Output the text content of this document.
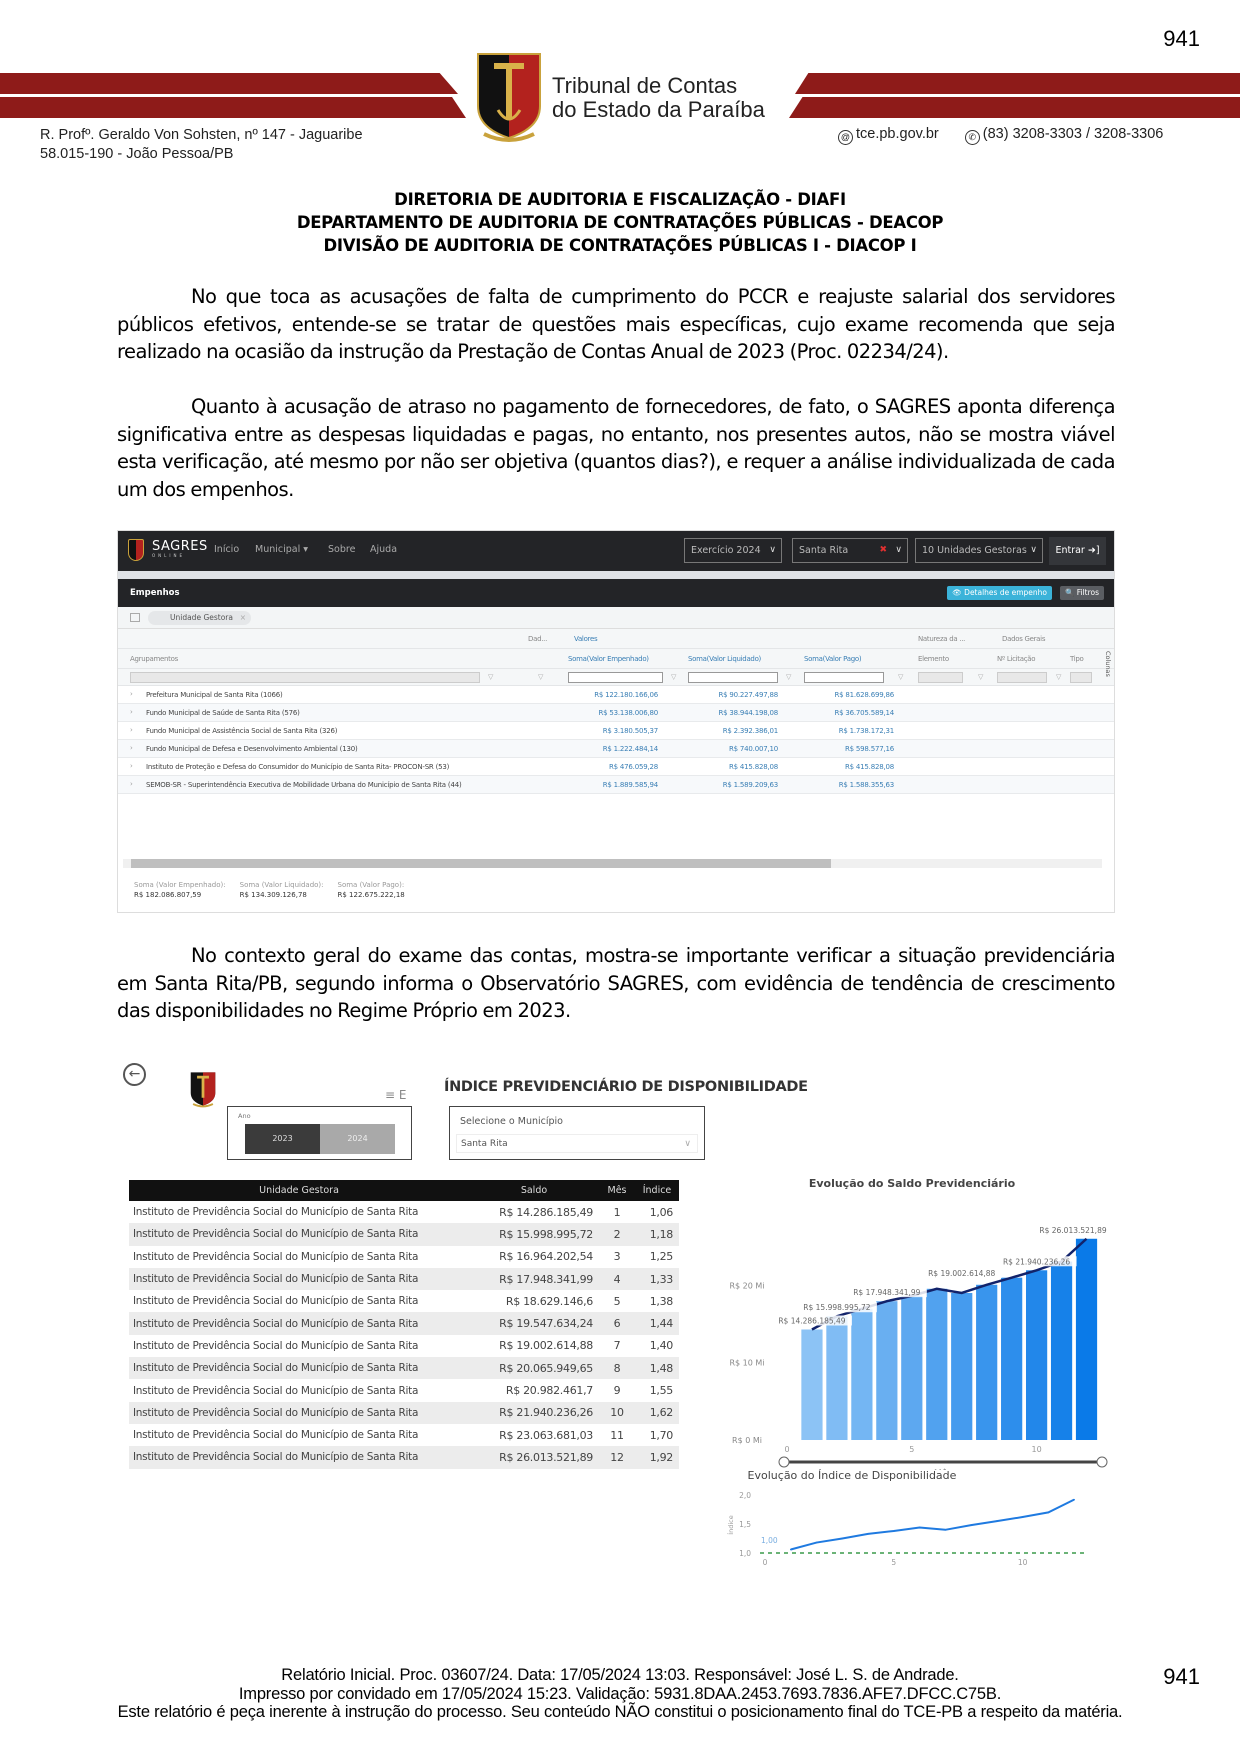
941
Tribunal de Contas
do Estado da Paraíba
R. Profº. Geraldo Von Sohsten, nº 147 - Jaguaribe
58.015-190 - João Pessoa/PB
@ tce.pb.gov.br	✆ (83) 3208-3303 / 3208-3306
DIRETORIA DE AUDITORIA E FISCALIZAÇÃO - DIAFI
DEPARTAMENTO DE AUDITORIA DE CONTRATAÇÕES PÚBLICAS - DEACOP
DIVISÃO DE AUDITORIA DE CONTRATAÇÕES PÚBLICAS I - DIACOP I

No que toca as acusações de falta de cumprimento do PCCR e reajuste salarial dos servidores públicos efetivos, entende-se se tratar de questões mais específicas, cujo exame recomenda que seja realizado na ocasião da instrução da Prestação de Contas Anual de 2023 (Proc. 02234/24).

Quanto à acusação de atraso no pagamento de fornecedores, de fato, o SAGRES aponta diferença significativa entre as despesas liquidadas e pagas, no entanto, nos presentes autos, não se mostra viável esta verificação, até mesmo por não ser objetiva (quantos dias?), e requer a análise individualizada de cada um dos empenhos.

SAGRES
ONLINE
Início Municipal ▾ Sobre Ajuda	Exercício 2024 ∨	Santa Rita	✖ ∨	10 Unidades Gestoras ∨	Entrar ➜]
Empenhos	👁 Detalhes de empenho	🔍 Filtros
Unidade Gestora ×
Dad...	Valores	Natureza da ...	Dados Gerais
Agrupamentos	Soma(Valor Empenhado)	Soma(Valor Liquidado)	Soma(Valor Pago)	Elemento	Nº Licitação	Tipo
▽	▽	▽	▽	▽	▽	▽
› Prefeitura Municipal de Santa Rita (1066)	R$ 122.180.166,06	R$ 90.227.497,88	R$ 81.628.699,86
› Fundo Municipal de Saúde de Santa Rita (576)	R$ 53.138.006,80	R$ 38.944.198,08	R$ 36.705.589,14
› Fundo Municipal de Assistência Social de Santa Rita (326)	R$ 3.180.505,37	R$ 2.392.386,01	R$ 1.738.172,31
› Fundo Municipal de Defesa e Desenvolvimento Ambiental (130)	R$ 1.222.484,14	R$ 740.007,10	R$ 598.577,16
› Instituto de Proteção e Defesa do Consumidor do Município de Santa Rita- PROCON-SR (53)	R$ 476.059,28	R$ 415.828,08	R$ 415.828,08
› SEMOB-SR - Superintendência Executiva de Mobilidade Urbana do Município de Santa Rita (44)	R$ 1.889.585,94	R$ 1.589.209,63	R$ 1.588.355,63
Colunas
Soma (Valor Empenhado):
R$ 182.086.807,59
Soma (Valor Liquidado):
R$ 134.309.126,78
Soma (Valor Pago):
R$ 122.675.222,18

No contexto geral do exame das contas, mostra-se importante verificar a situação previdenciária em Santa Rita/PB, segundo informa o Observatório SAGRES, com evidência de tendência de crescimento das disponibilidades no Regime Próprio em 2023.

←
≡ E	ÍNDICE PREVIDENCIÁRIO DE DISPONIBILIDADE
Ano
2023	2024
Selecione o Município
Santa Rita	∨
Unidade Gestora	Saldo	Mês	Índice
Instituto de Previdência Social do Município de Santa Rita	R$ 14.286.185,49	1	1,06
Instituto de Previdência Social do Município de Santa Rita	R$ 15.998.995,72	2	1,18
Instituto de Previdência Social do Município de Santa Rita	R$ 16.964.202,54	3	1,25
Instituto de Previdência Social do Município de Santa Rita	R$ 17.948.341,99	4	1,33
Instituto de Previdência Social do Município de Santa Rita	R$ 18.629.146,6	5	1,38
Instituto de Previdência Social do Município de Santa Rita	R$ 19.547.634,24	6	1,44
Instituto de Previdência Social do Município de Santa Rita	R$ 19.002.614,88	7	1,40
Instituto de Previdência Social do Município de Santa Rita	R$ 20.065.949,65	8	1,48
Instituto de Previdência Social do Município de Santa Rita	R$ 20.982.461,7	9	1,55
Instituto de Previdência Social do Município de Santa Rita	R$ 21.940.236,26	10	1,62
Instituto de Previdência Social do Município de Santa Rita	R$ 23.063.681,03	11	1,70
Instituto de Previdência Social do Município de Santa Rita	R$ 26.013.521,89	12	1,92
Evolução do Saldo Previdenciário
R$ 0 Mi
R$ 10 Mi
R$ 20 Mi
R$ 14.286.185,49
R$ 15.998.995,72
R$ 17.948.341,99
R$ 19.002.614,88
R$ 21.940.236,26
R$ 26.013.521,89
0	5	10
Evolução do Índice de Disponibilidade
1,0
1,5
2,0
Índice
1,00
0	5	10
Relatório Inicial. Proc. 03607/24. Data: 17/05/2024 13:03. Responsável: José L. S. de Andrade.
Impresso por convidado em 17/05/2024 15:23. Validação: 5931.8DAA.2453.7693.7836.AFE7.DFCC.C75B.
Este relatório é peça inerente à instrução do processo. Seu conteúdo NÃO constitui o posicionamento final do TCE-PB a respeito da matéria.
941
